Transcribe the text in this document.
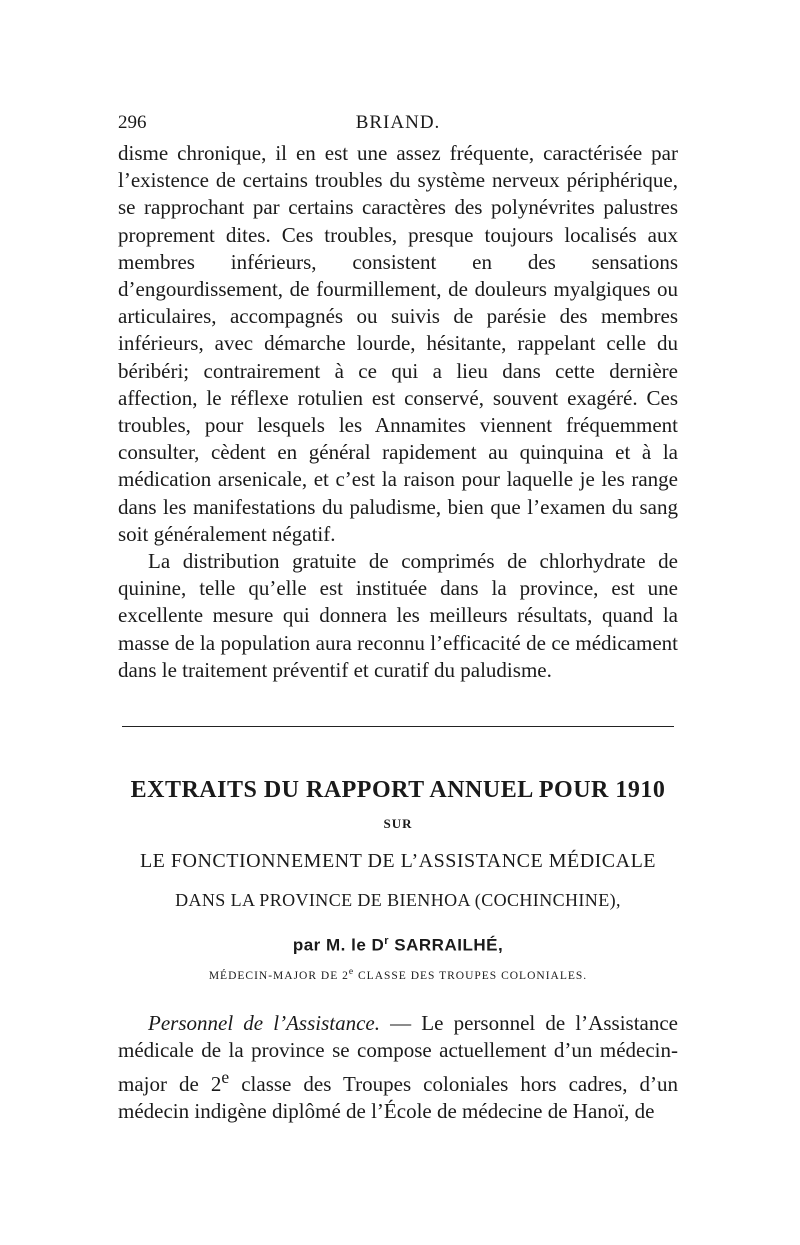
296	BRIAND.

disme chronique, il en est une assez fréquente, caractérisée par l’existence de certains troubles du système nerveux périphérique, se rapprochant par certains caractères des polynévrites palustres proprement dites. Ces troubles, presque toujours localisés aux membres inférieurs, consistent en des sensations d’engourdissement, de fourmillement, de douleurs myalgiques ou articulaires, accompagnés ou suivis de parésie des membres inférieurs, avec démarche lourde, hésitante, rappelant celle du béribéri; contrairement à ce qui a lieu dans cette dernière affection, le réflexe rotulien est conservé, souvent exagéré. Ces troubles, pour lesquels les Annamites viennent fréquemment consulter, cèdent en général rapidement au quinquina et à la médication arsenicale, et c’est la raison pour laquelle je les range dans les manifestations du paludisme, bien que l’examen du sang soit généralement négatif.

La distribution gratuite de comprimés de chlorhydrate de quinine, telle qu’elle est instituée dans la province, est une excellente mesure qui donnera les meilleurs résultats, quand la masse de la population aura reconnu l’efficacité de ce médicament dans le traitement préventif et curatif du paludisme.

EXTRAITS DU RAPPORT ANNUEL POUR 1910
SUR
LE FONCTIONNEMENT DE L’ASSISTANCE MÉDICALE
DANS LA PROVINCE DE BIENHOA (COCHINCHINE),
par M. le $D^r$ SARRAILHÉ,
MÉDECIN-MAJOR DE 2e CLASSE DES TROUPES COLONIALES.

Personnel de l’Assistance. — Le personnel de l’Assistance médicale de la province se compose actuellement d’un médecin-major de 2e classe des Troupes coloniales hors cadres, d’un médecin indigène diplômé de l’École de médecine de Hanoï, de
